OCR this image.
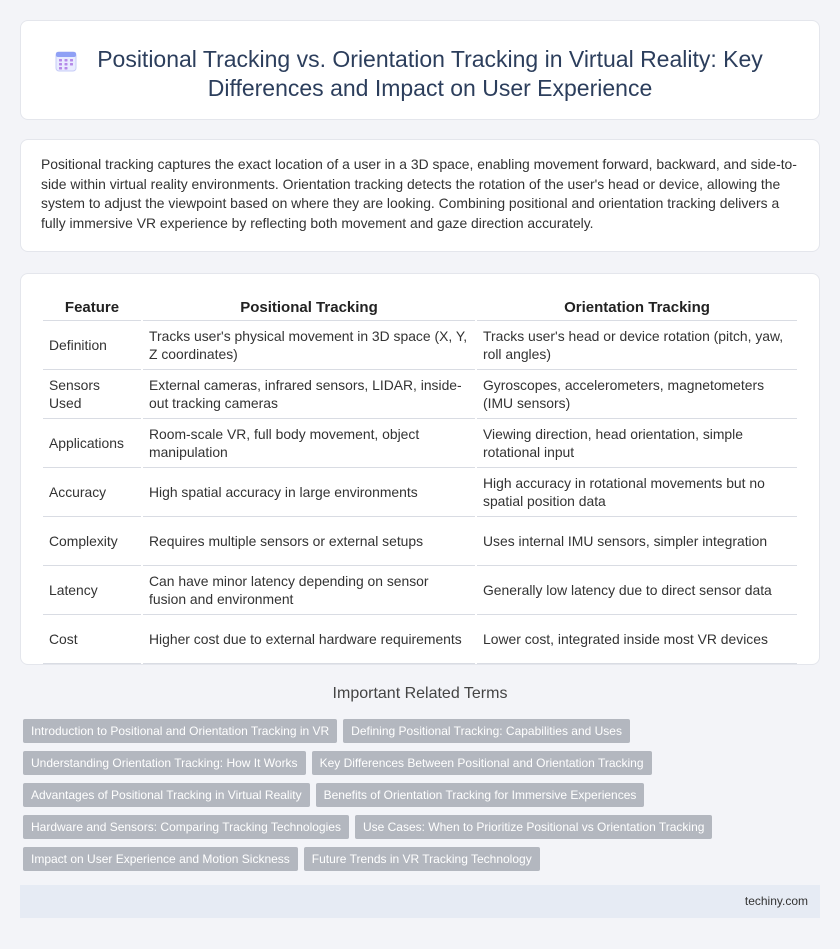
Positional Tracking vs. Orientation Tracking in Virtual Reality: Key Differences and Impact on User Experience

Positional tracking captures the exact location of a user in a 3D space, enabling movement forward, backward, and side-to-side within virtual reality environments. Orientation tracking detects the rotation of the user's head or device, allowing the system to adjust the viewpoint based on where they are looking. Combining positional and orientation tracking delivers a fully immersive VR experience by reflecting both movement and gaze direction accurately.

Feature	Positional Tracking	Orientation Tracking
Definition	Tracks user's physical movement in 3D space (X, Y, Z coordinates)	Tracks user's head or device rotation (pitch, yaw, roll angles)
Sensors Used	External cameras, infrared sensors, LIDAR, inside-out tracking cameras	Gyroscopes, accelerometers, magnetometers (IMU sensors)
Applications	Room-scale VR, full body movement, object manipulation	Viewing direction, head orientation, simple rotational input
Accuracy	High spatial accuracy in large environments	High accuracy in rotational movements but no spatial position data
Complexity	Requires multiple sensors or external setups	Uses internal IMU sensors, simpler integration
Latency	Can have minor latency depending on sensor fusion and environment	Generally low latency due to direct sensor data
Cost	Higher cost due to external hardware requirements	Lower cost, integrated inside most VR devices
Important Related Terms
Introduction to Positional and Orientation Tracking in VR Defining Positional Tracking: Capabilities and Uses
Understanding Orientation Tracking: How It Works Key Differences Between Positional and Orientation Tracking
Advantages of Positional Tracking in Virtual Reality Benefits of Orientation Tracking for Immersive Experiences
Hardware and Sensors: Comparing Tracking Technologies Use Cases: When to Prioritize Positional vs Orientation Tracking
Impact on User Experience and Motion Sickness Future Trends in VR Tracking Technology
techiny.com
